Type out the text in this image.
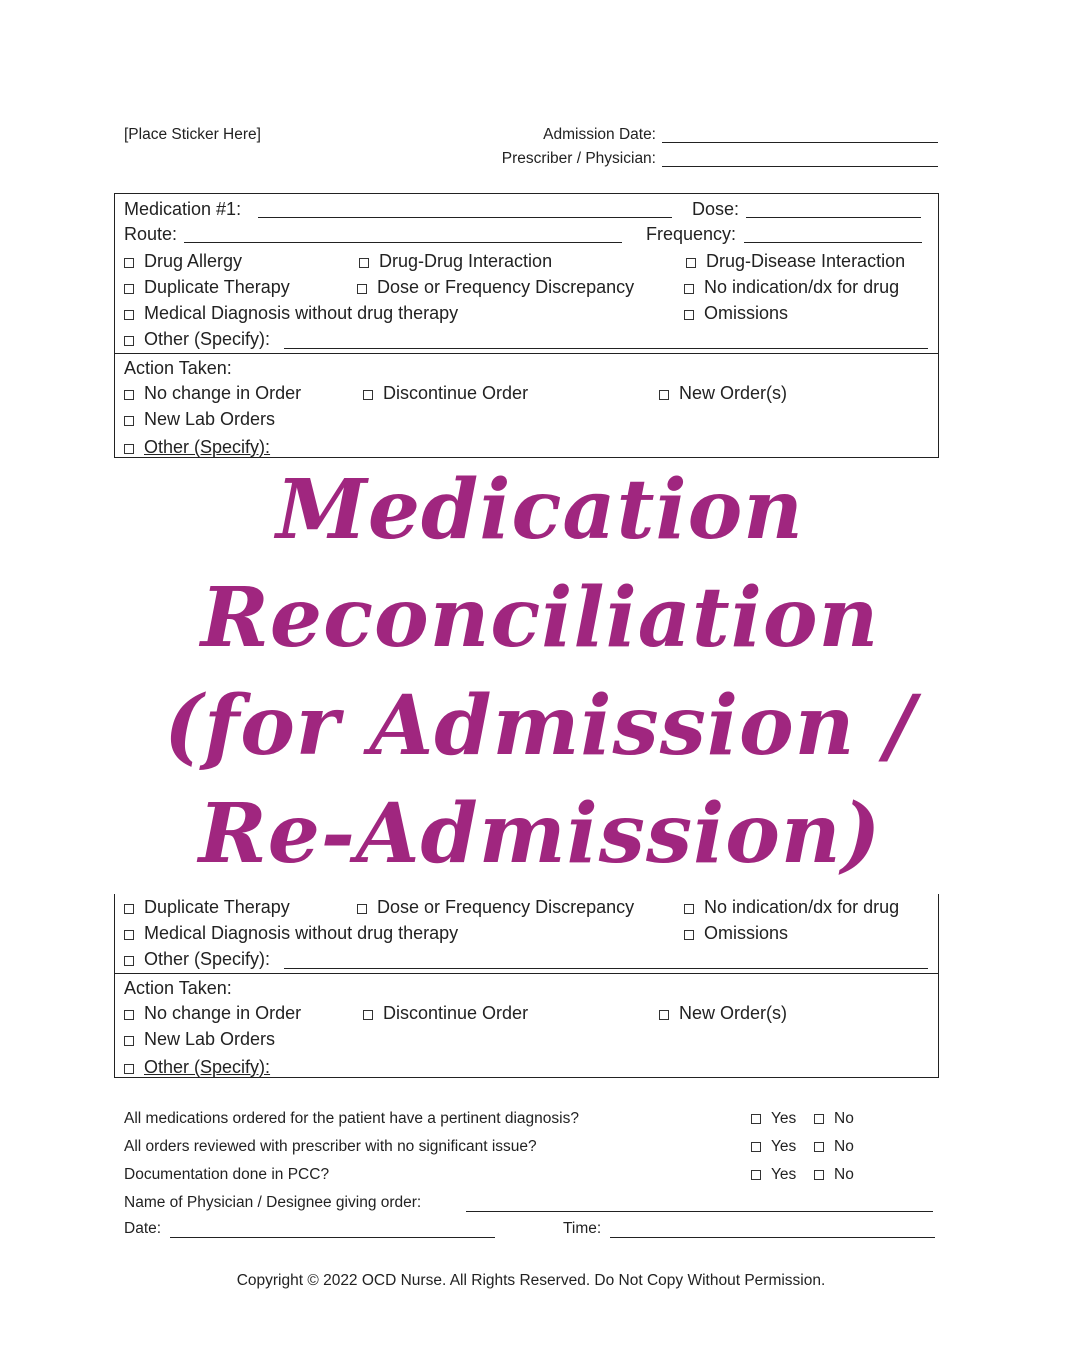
[Place Sticker Here]	Admission Date:
Prescriber / Physician:
Medication #1:	Dose:
Route:	Frequency:
Drug Allergy	Drug-Drug Interaction	Drug-Disease Interaction
Duplicate Therapy	Dose or Frequency Discrepancy	No indication/dx for drug
Medical Diagnosis without drug therapy	Omissions
Other (Specify):
Action Taken:
No change in Order	Discontinue Order	New Order(s)
New Lab Orders
Other (Specify):
Medication
Reconciliation
(for Admission /
Re-Admission)
Duplicate Therapy	Dose or Frequency Discrepancy	No indication/dx for drug
Medical Diagnosis without drug therapy	Omissions
Other (Specify):
Action Taken:
No change in Order	Discontinue Order	New Order(s)
New Lab Orders
Other (Specify):
All medications ordered for the patient have a pertinent diagnosis?	Yes	No
All orders reviewed with prescriber with no significant issue?	Yes	No
Documentation done in PCC?	Yes	No
Name of Physician / Designee giving order:
Date:	Time:
Copyright © 2022 OCD Nurse. All Rights Reserved. Do Not Copy Without Permission.
